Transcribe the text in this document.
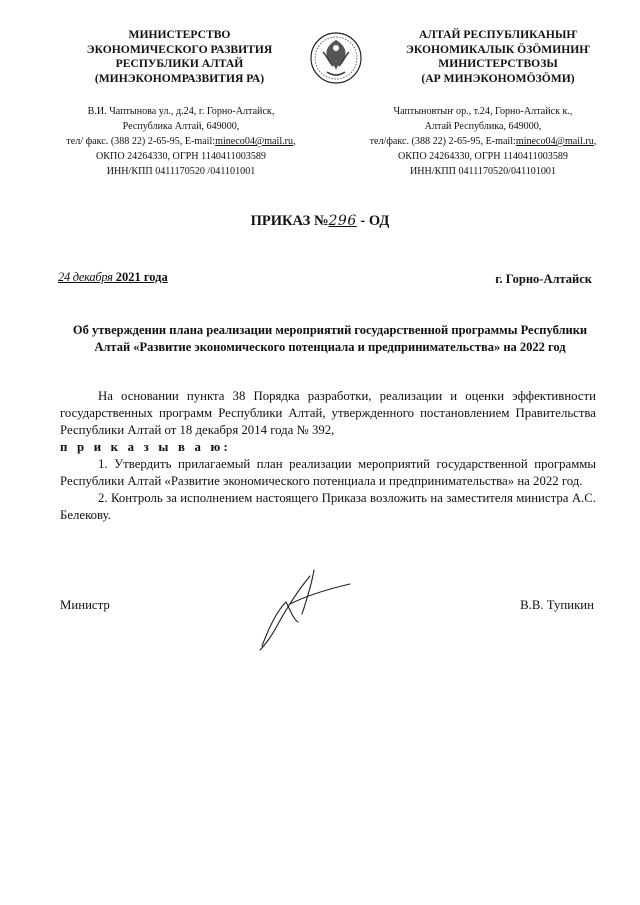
МИНИСТЕРСТВО
ЭКОНОМИЧЕСКОГО РАЗВИТИЯ
РЕСПУБЛИКИ АЛТАЙ
(МИНЭКОНОМРАЗВИТИЯ РА)
АЛТАЙ РЕСПУБЛИКАНЫҤ
ЭКОНОМИКАЛЫК ӦЗӦМИНИҤ
МИНИСТЕРСТВОЗЫ
(АР МИНЭКОНОМӦЗӦМИ)
В.И. Чаптынова ул., д.24, г. Горно-Алтайск,
Республика Алтай, 649000,
тел/ факс. (388 22) 2-65-95, E-mail:mineco04@mail.ru,
ОКПО 24264330, ОГРН 1140411003589
ИНН/КПП 0411170520 /041101001
Чаптыновтыҥ ор., т.24, Горно-Алтайск к.,
Алтай Республика, 649000,
тел/факс. (388 22) 2-65-95, E-mail:mineco04@mail.ru,
ОКПО 24264330, ОГРН 1140411003589
ИНН/КПП 0411170520/041101001
ПРИКАЗ №296 - ОД
24 декабря 2021 года	г. Горно-Алтайск
Об утверждении плана реализации мероприятий государственной программы Республики Алтай «Развитие экономического потенциала и предпринимательства» на 2022 год

На основании пункта 38 Порядка разработки, реализации и оценки эффективности государственных программ Республики Алтай, утвержденного постановлением Правительства Республики Алтай от 18 декабря 2014 года № 392,

п р и к а з ы в а ю:

1. Утвердить прилагаемый план реализации мероприятий государственной программы Республики Алтай «Развитие экономического потенциала и предпринимательства» на 2022 год.

2. Контроль за исполнением настоящего Приказа возложить на заместителя министра А.С. Белекову.

Министр	В.В. Тупикин
